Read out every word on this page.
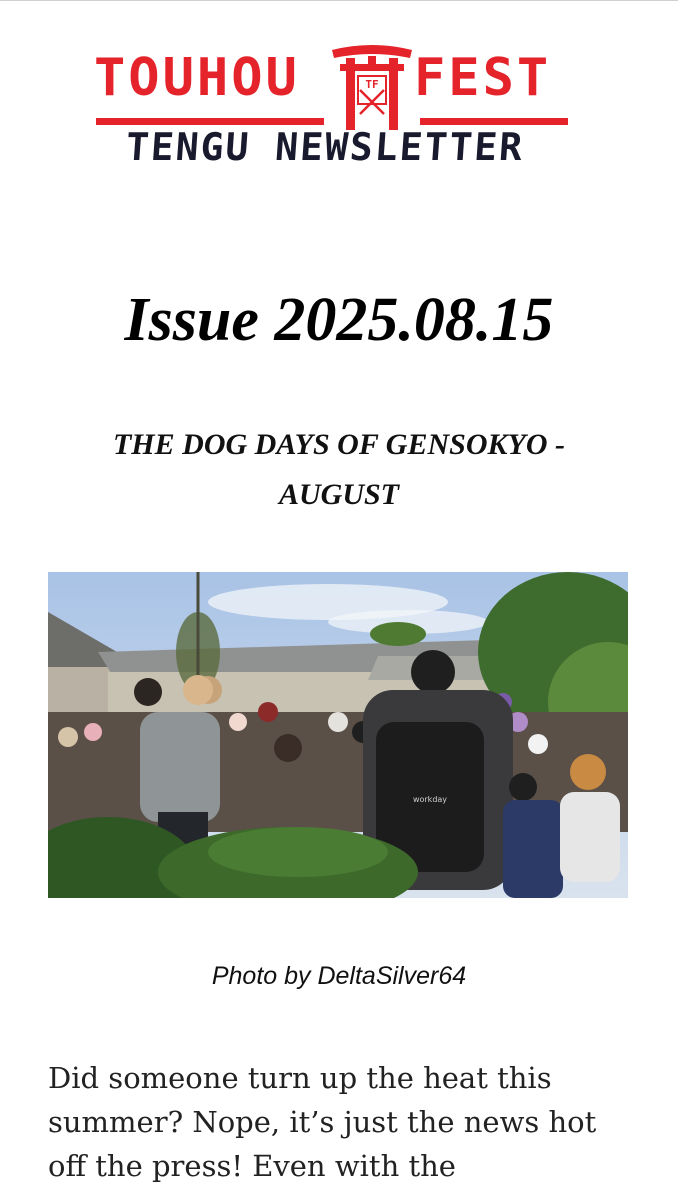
TOUHOU FEST
TF
TENGU NEWSLETTER
Issue 2025.08.15
THE DOG DAYS OF GENSOKYO - AUGUST
workday

Photo by DeltaSilver64

Did someone turn up the heat this
summer? Nope, it’s just the news hot
off the press! Even with the
